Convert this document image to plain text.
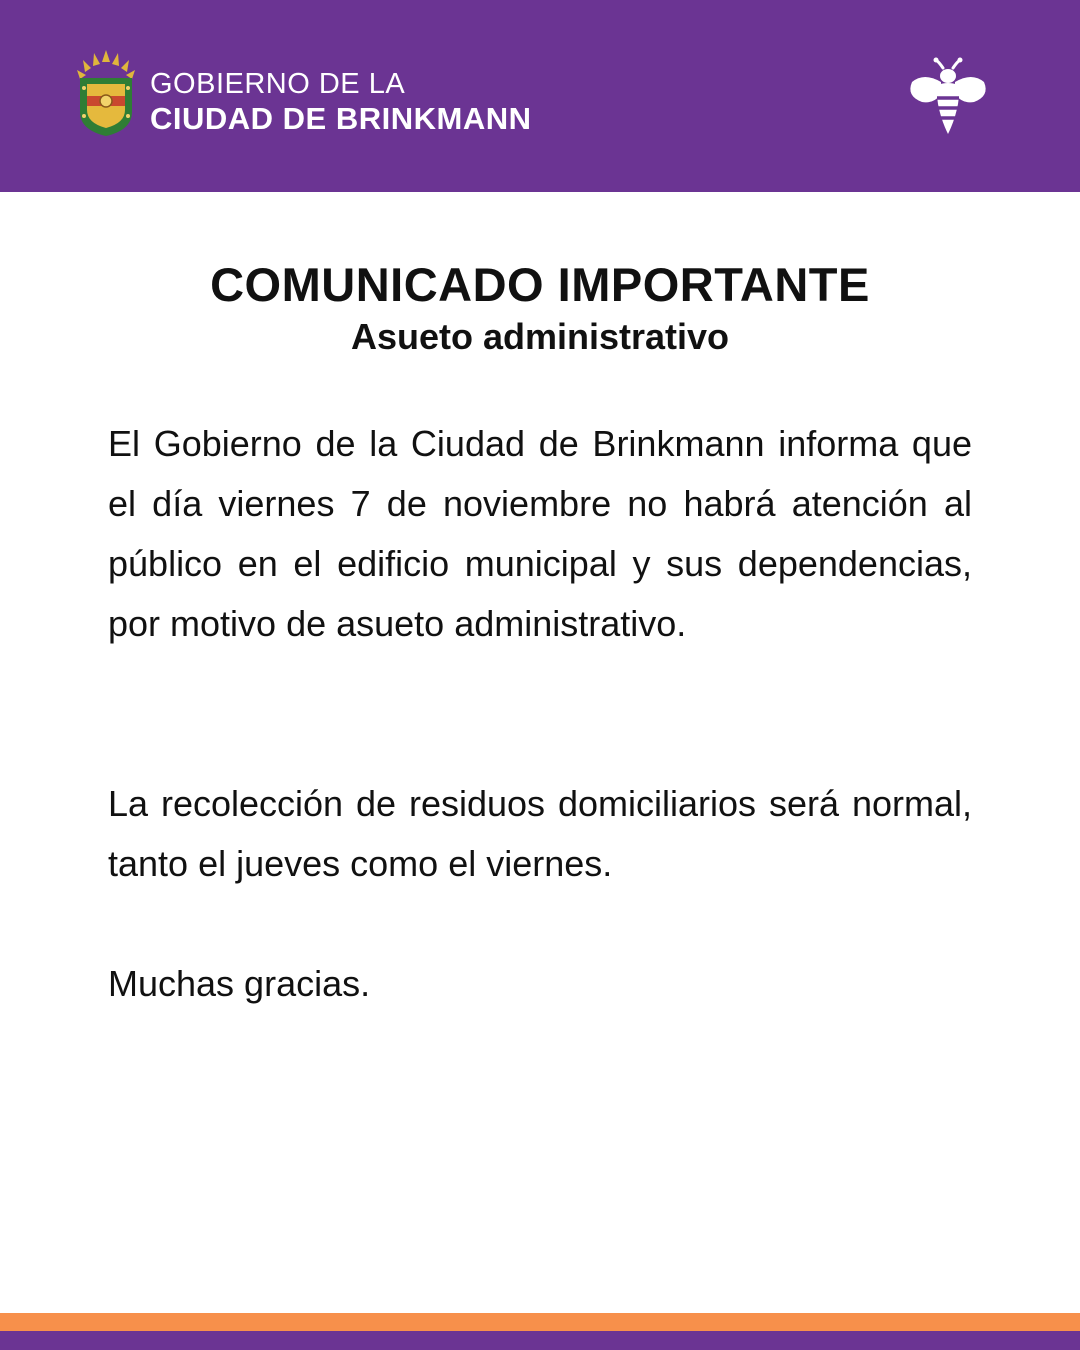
GOBIERNO DE LA
CIUDAD DE BRINKMANN
COMUNICADO IMPORTANTE
Asueto administrativo

El Gobierno de la Ciudad de Brinkmann informa que el día viernes 7 de noviembre no habrá atención al público en el edificio municipal y sus dependencias, por motivo de asueto administrativo.

La recolección de residuos domiciliarios será normal, tanto el jueves como el viernes.

Muchas gracias.
